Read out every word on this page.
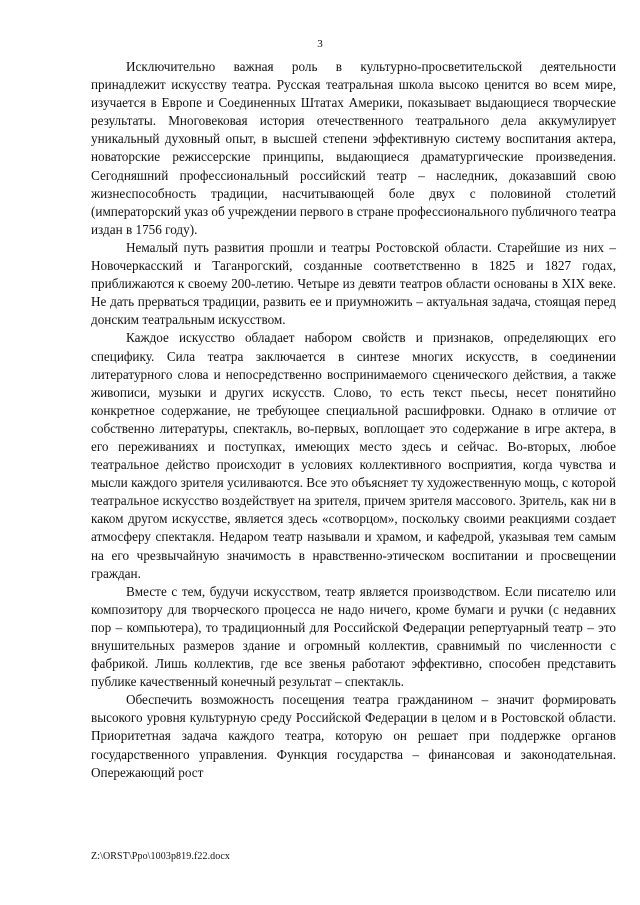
3

Исключительно важная роль в культурно-просветительской деятельности принадлежит искусству театра. Русская театральная школа высоко ценится во всем мире, изучается в Европе и Соединенных Штатах Америки, показывает выдающиеся творческие результаты. Многовековая история отечественного театрального дела аккумулирует уникальный духовный опыт, в высшей степени эффективную систему воспитания актера, новаторские режиссерские принципы, выдающиеся драматургические произведения. Сегодняшний профессиональный российский театр – наследник, доказавший свою жизнеспособность традиции, насчитывающей боле двух с половиной столетий (императорский указ об учреждении первого в стране профессионального публичного театра издан в 1756 году).

Немалый путь развития прошли и театры Ростовской области. Старейшие из них – Новочеркасский и Таганрогский, созданные соответственно в 1825 и 1827 годах, приближаются к своему 200-летию. Четыре из девяти театров области основаны в XIX веке. Не дать прерваться традиции, развить ее и приумножить – актуальная задача, стоящая перед донским театральным искусством.

Каждое искусство обладает набором свойств и признаков, определяющих его специфику. Сила театра заключается в синтезе многих искусств, в соединении литературного слова и непосредственно воспринимаемого сценического действия, а также живописи, музыки и других искусств. Слово, то есть текст пьесы, несет понятийно конкретное содержание, не требующее специальной расшифровки. Однако в отличие от собственно литературы, спектакль, во-первых, воплощает это содержание в игре актера, в его переживаниях и поступках, имеющих место здесь и сейчас. Во-вторых, любое театральное действо происходит в условиях коллективного восприятия, когда чувства и мысли каждого зрителя усиливаются. Все это объясняет ту художественную мощь, с которой театральное искусство воздействует на зрителя, причем зрителя массового. Зритель, как ни в каком другом искусстве, является здесь «сотворцом», поскольку своими реакциями создает атмосферу спектакля. Недаром театр называли и храмом, и кафедрой, указывая тем самым на его чрезвычайную значимость в нравственно-этическом воспитании и просвещении граждан.

Вместе с тем, будучи искусством, театр является производством. Если писателю или композитору для творческого процесса не надо ничего, кроме бумаги и ручки (с недавних пор – компьютера), то традиционный для Российской Федерации репертуарный театр – это внушительных размеров здание и огромный коллектив, сравнимый по численности с фабрикой. Лишь коллектив, где все звенья работают эффективно, способен представить публике качественный конечный результат – спектакль.

Обеспечить возможность посещения театра гражданином – значит формировать высокого уровня культурную среду Российской Федерации в целом и в Ростовской области. Приоритетная задача каждого театра, которую он решает при поддержке органов государственного управления. Функция государства – финансовая и законодательная. Опережающий рост

Z:\ORST\Ppo\1003p819.f22.docx
